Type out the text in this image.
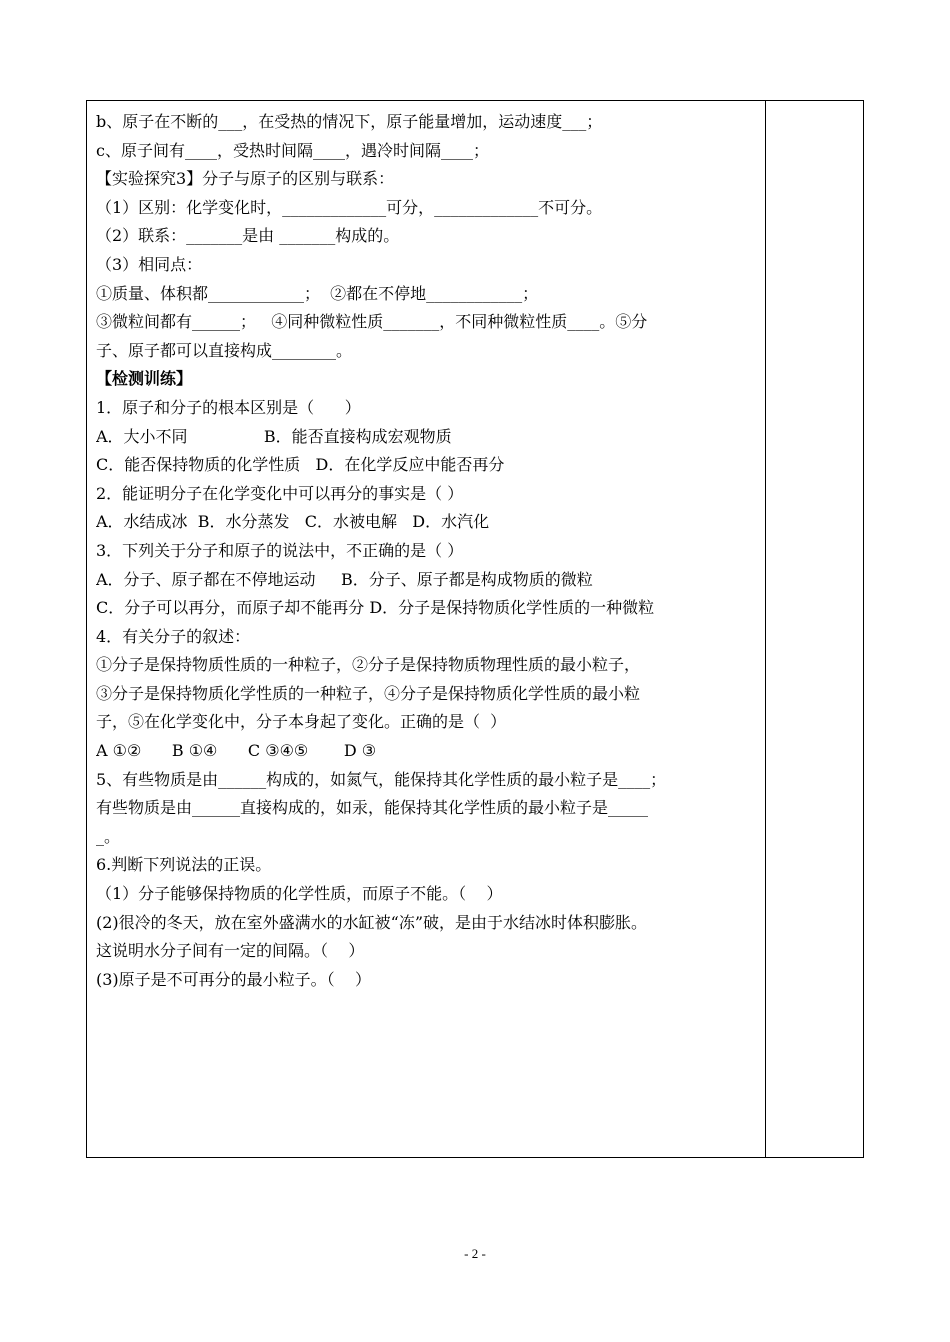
b、原子在不断的___，在受热的情况下，原子能量增加，运动速度___；
c、原子间有____，受热时间隔____，遇冷时间隔____；
【实验探究3】分子与原子的区别与联系：
（1）区别：化学变化时，_____________可分，_____________不可分。
（2）联系：_______是由 _______构成的。
（3）相同点：
①质量、体积都____________；  ②都在不停地____________；
③微粒间都有______；   ④同种微粒性质_______，不同种微粒性质____。⑤分
子、原子都可以直接构成________。
【检测训练】
1．原子和分子的根本区别是（      ）
A．大小不同               B．能否直接构成宏观物质
C．能否保持物质的化学性质   D．在化学反应中能否再分
2．能证明分子在化学变化中可以再分的事实是（ ）
A．水结成冰  B．水分蒸发   C．水被电解   D．水汽化
3．下列关于分子和原子的说法中，不正确的是（ ）
A．分子、原子都在不停地运动     B．分子、原子都是构成物质的微粒
C．分子可以再分，而原子却不能再分 D．分子是保持物质化学性质的一种微粒
4．有关分子的叙述：
①分子是保持物质性质的一种粒子，②分子是保持物质物理性质的最小粒子，
③分子是保持物质化学性质的一种粒子，④分子是保持物质化学性质的最小粒
子，⑤在化学变化中，分子本身起了变化。正确的是（  ）
A ①②      B ①④      C ③④⑤       D ③
5、有些物质是由______构成的，如氮气，能保持其化学性质的最小粒子是____；
有些物质是由______直接构成的，如汞，能保持其化学性质的最小粒子是_____
_。
6.判断下列说法的正误。
（1）分子能够保持物质的化学性质，而原子不能。（    ）
(2)很冷的冬天，放在室外盛满水的水缸被“冻”破，是由于水结冰时体积膨胀。
这说明水分子间有一定的间隔。（    ）
(3)原子是不可再分的最小粒子。（    ）
- 2 -
